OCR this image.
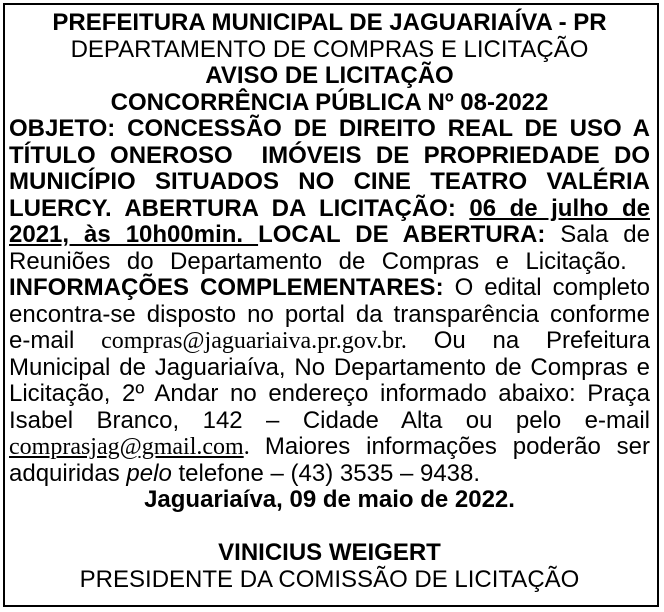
PREFEITURA MUNICIPAL DE JAGUARIAÍVA - PR
DEPARTAMENTO DE COMPRAS E LICITAÇÃO
AVISO DE LICITAÇÃO
CONCORRÊNCIA PÚBLICA Nº 08-2022

OBJETO: CONCESSÃO DE DIREITO REAL DE USO A TÍTULO ONEROSO  IMÓVEIS DE PROPRIEDADE DO MUNICÍPIO SITUADOS NO CINE TEATRO VALÉRIA LUERCY. ABERTURA DA LICITAÇÃO: 06 de julho de 2021, às 10h00min. LOCAL DE ABERTURA: Sala de Reuniões do Departamento de Compras e Licitação.   INFORMAÇÕES COMPLEMENTARES: O edital completo encontra-se disposto no portal da transparência conforme e-mail compras@jaguariaiva.pr.gov.br. Ou na Prefeitura Municipal de Jaguariaíva, No Departamento de Compras e Licitação, 2º Andar no endereço informado abaixo: Praça Isabel Branco, 142 – Cidade Alta ou pelo e-mail comprasjag@gmail.com. Maiores informações poderão ser adquiridas pelo telefone – (43) 3535 – 9438.

Jaguariaíva, 09 de maio de 2022.
VINICIUS WEIGERT
PRESIDENTE DA COMISSÃO DE LICITAÇÃO
